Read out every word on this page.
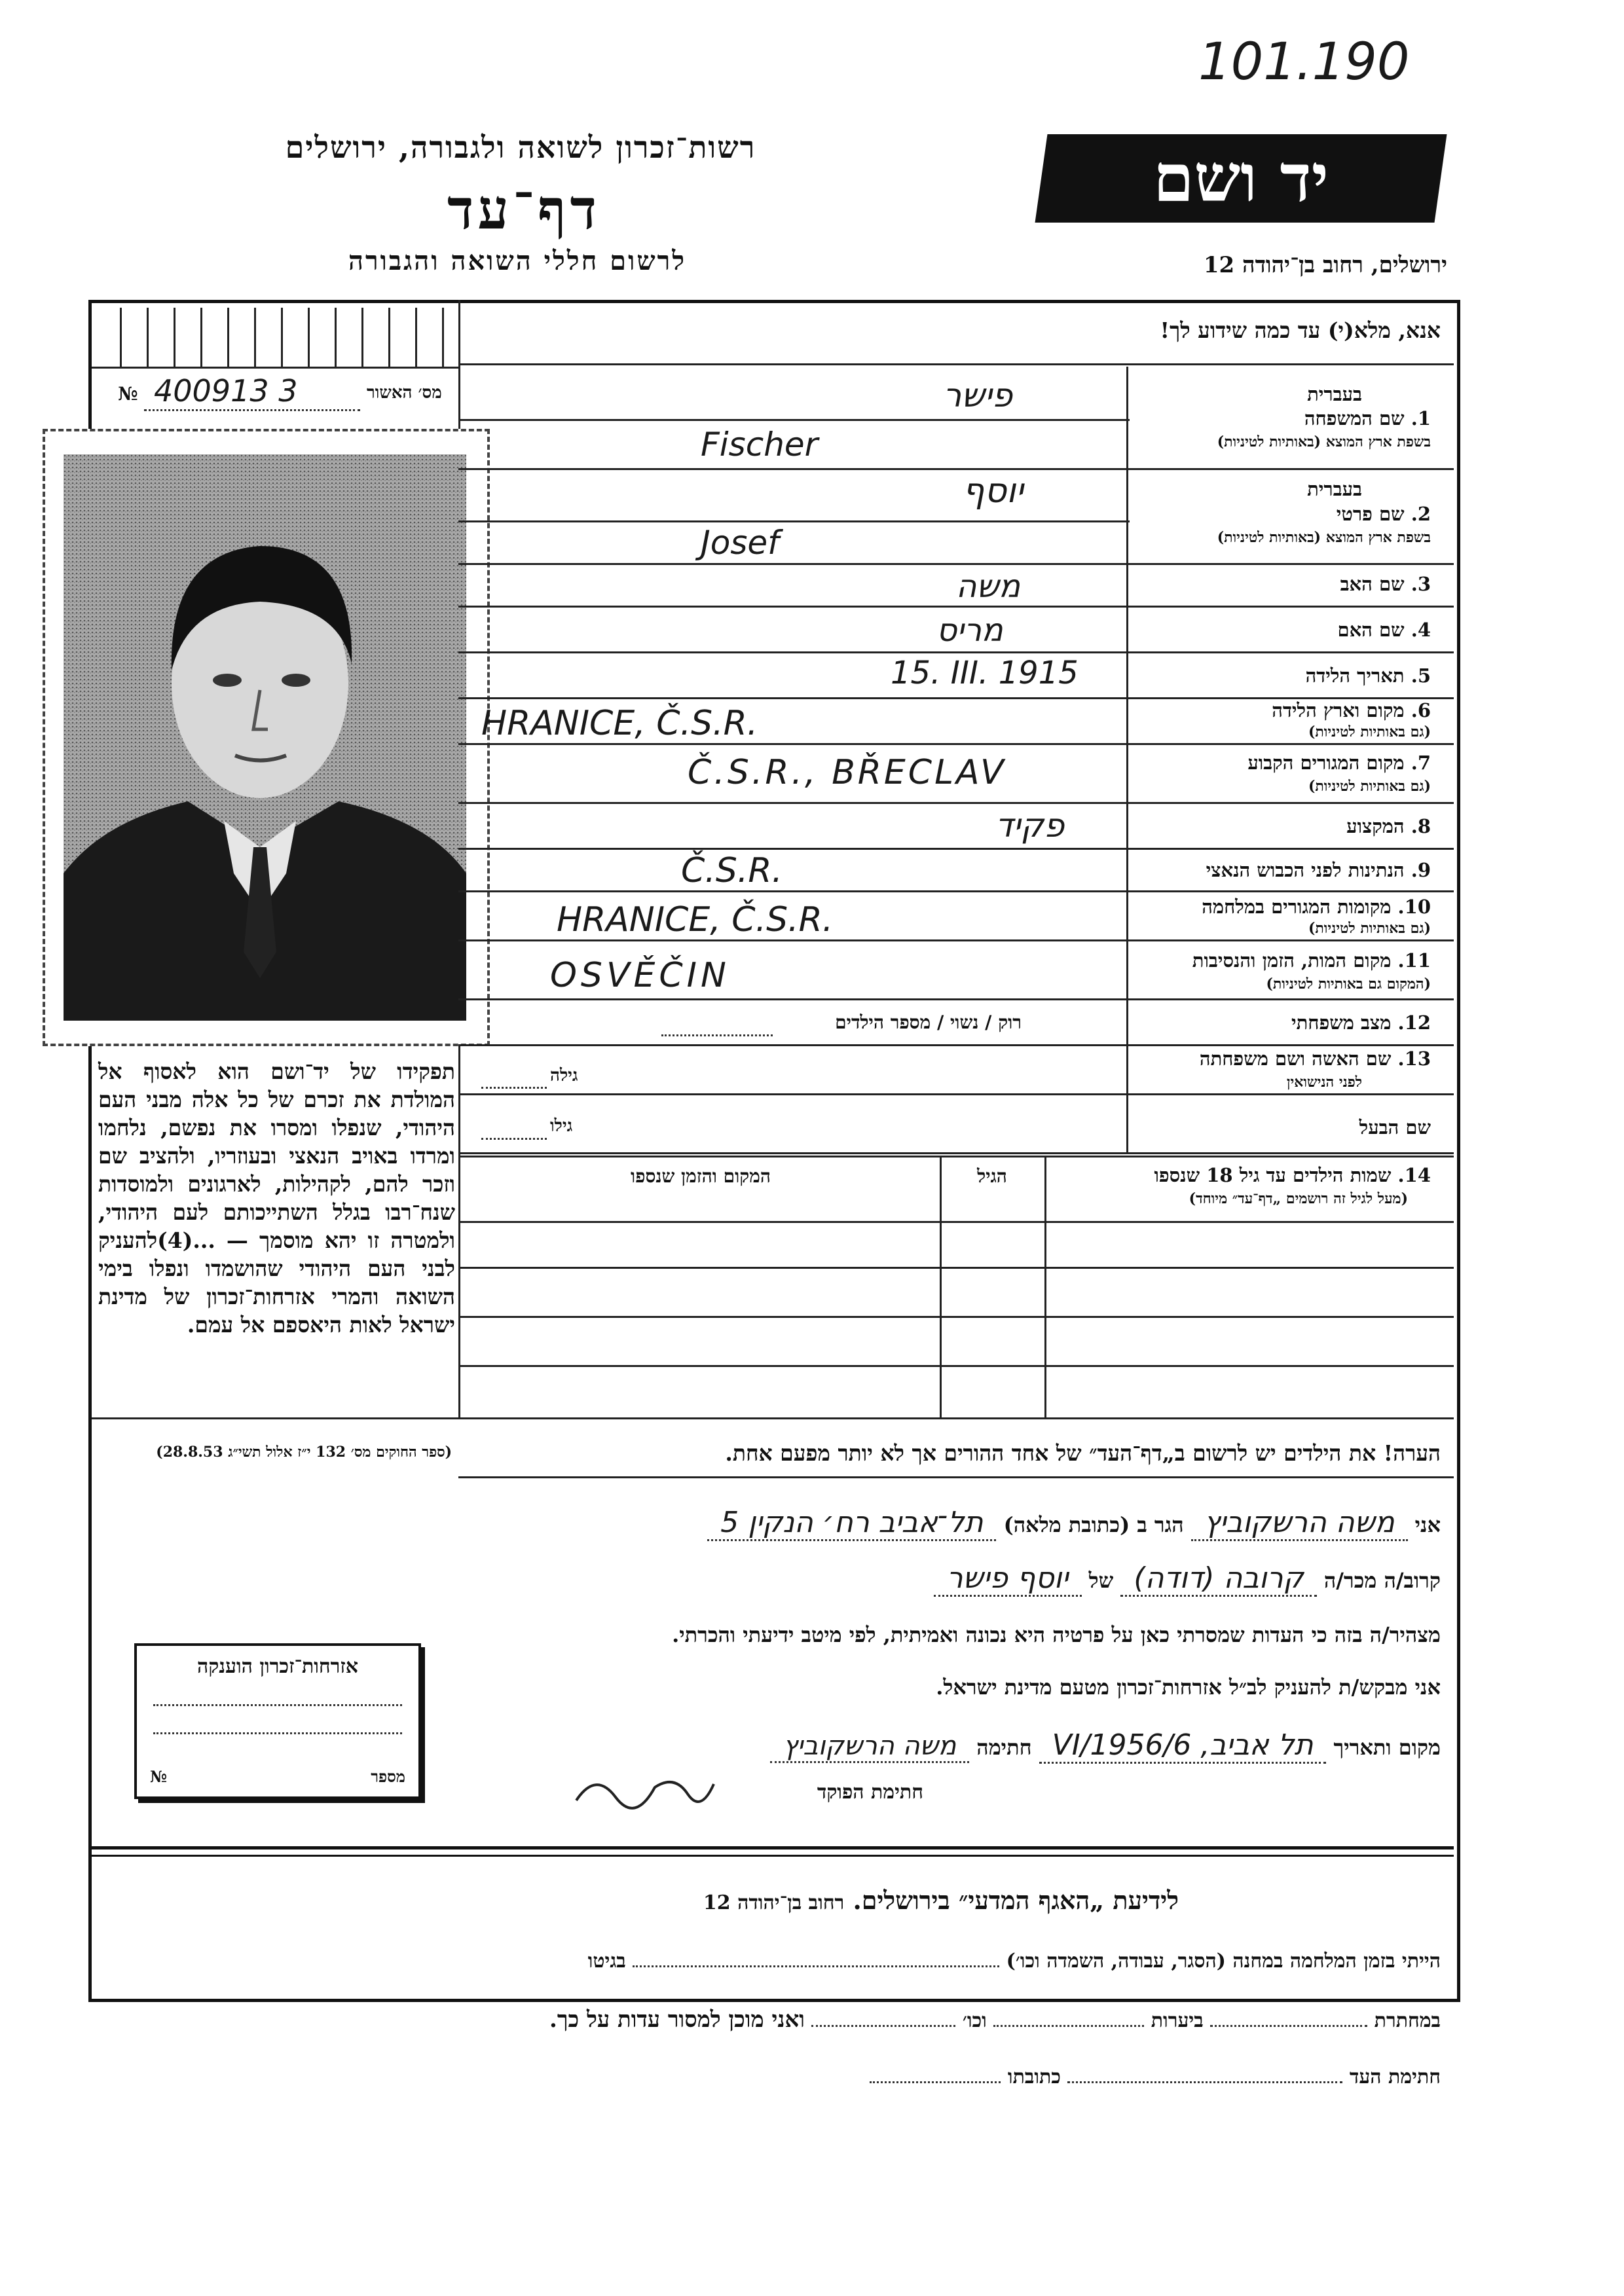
101.190
יד ושם
רשות־זכרון לשואה ולגבורה, ירושלים
דף־עד
לרשום חללי השואה והגבורה	ירושלים, רחוב בן־יהודה 12
אנא, מלא(י) עד כמה שידוע לך!
מס׳ האשור
№ 400913 3	בעברית
1. שם המשפחה
בשפת ארץ המוצא (באותיות לטיניות)
פישר
Fischer
בעברית
2. שם פרטי
בשפת ארץ המוצא (באותיות לטיניות)
יוסף
Josef
3. שם האב
משה
4. שם האם
מריס
5. תאריך הלידה
15. III. 1915
6. מקום וארץ הלידה
(גם באותיות לטיניות)
HRANICE, Č.S.R.
7. מקום המגורים הקבוע
(גם באותיות לטיניות)
Č.S.R., BŘECLAV
8. המקצוע
פקיד
9. הנתינות לפני הכבוש הנאצי
Č.S.R.
10. מקומות המגורים במלחמה
(גם באותיות לטיניות)
HRANICE, Č.S.R.
11. מקום המות, הזמן והנסיבות
(המקום גם באותיות לטיניות)
OSVĚČIN
12. מצב משפחתי
רוק / נשוי / מספר הילדים
13. שם האשה ושם משפחתה
לפני הנישואין
גילה
שם הבעל
גילו
14. שמות הילדים עד גיל 18 שנספו
(מעל לגיל זה רושמים „דף־עד״ מיוחד)
הגיל
המקום והזמן שנספו
תפקידו של יד־ושם הוא לאסוף אל המולדת את זכרם של כל אלה מבני העם היהודי, שנפלו ומסרו את נפשם, נלחמו ומרדו באויב הנאצי ובעוזריו, ולהציב שם וזכר להם, לקהילות, לארגונים ולמוסדות שנח־רבו בגלל השתייכותם לעם היהודי, ולמטרה זו יהא מוסמך — ...(4)להעניק לבני העם היהודי שהושמדו ונפלו בימי השואה והמרי אזרחות־זכרון של מדינת ישראל לאות היאספם אל עמם.
(ספר החוקים מס׳ 132 י״ז אלול תשי״ג 28.8.53)	הערה! את הילדים יש לרשום ב„דף־העד״ של אחד ההורים אך לא יותר מפעם אחת.
אני משה הרשקוביץ הגר ב (כתובת מלאה) תל־אביב רח׳ הנקין 5
קרוב/ה מכר/ה קרובה (דודה) של יוסף פישר
מצהיר/ה בזה כי העדות שמסרתי כאן על פרטיה היא נכונה ואמיתית, לפי מיטב ידיעתי והכרתי.
אני מבקש/ת להעניק לב״ל אזרחות־זכרון מטעם מדינת ישראל.
מקום ותאריך תל אביב, 6/VI/1956 חתימה משה הרשקוביץ
חתימת הפוקד
אזרחות־זכרון הוענקה
№	מספר
לידיעת „האגף המדעי״ בירושלים. רחוב בן־יהודה 12
הייתי בזמן המלחמה במחנה (הסגר, עבודה, השמדה וכו׳)  בגיטו
במחתרת  ביערות  וכו׳  ואני מוכן למסור עדות על כך.
חתימת העד  כתובתו
